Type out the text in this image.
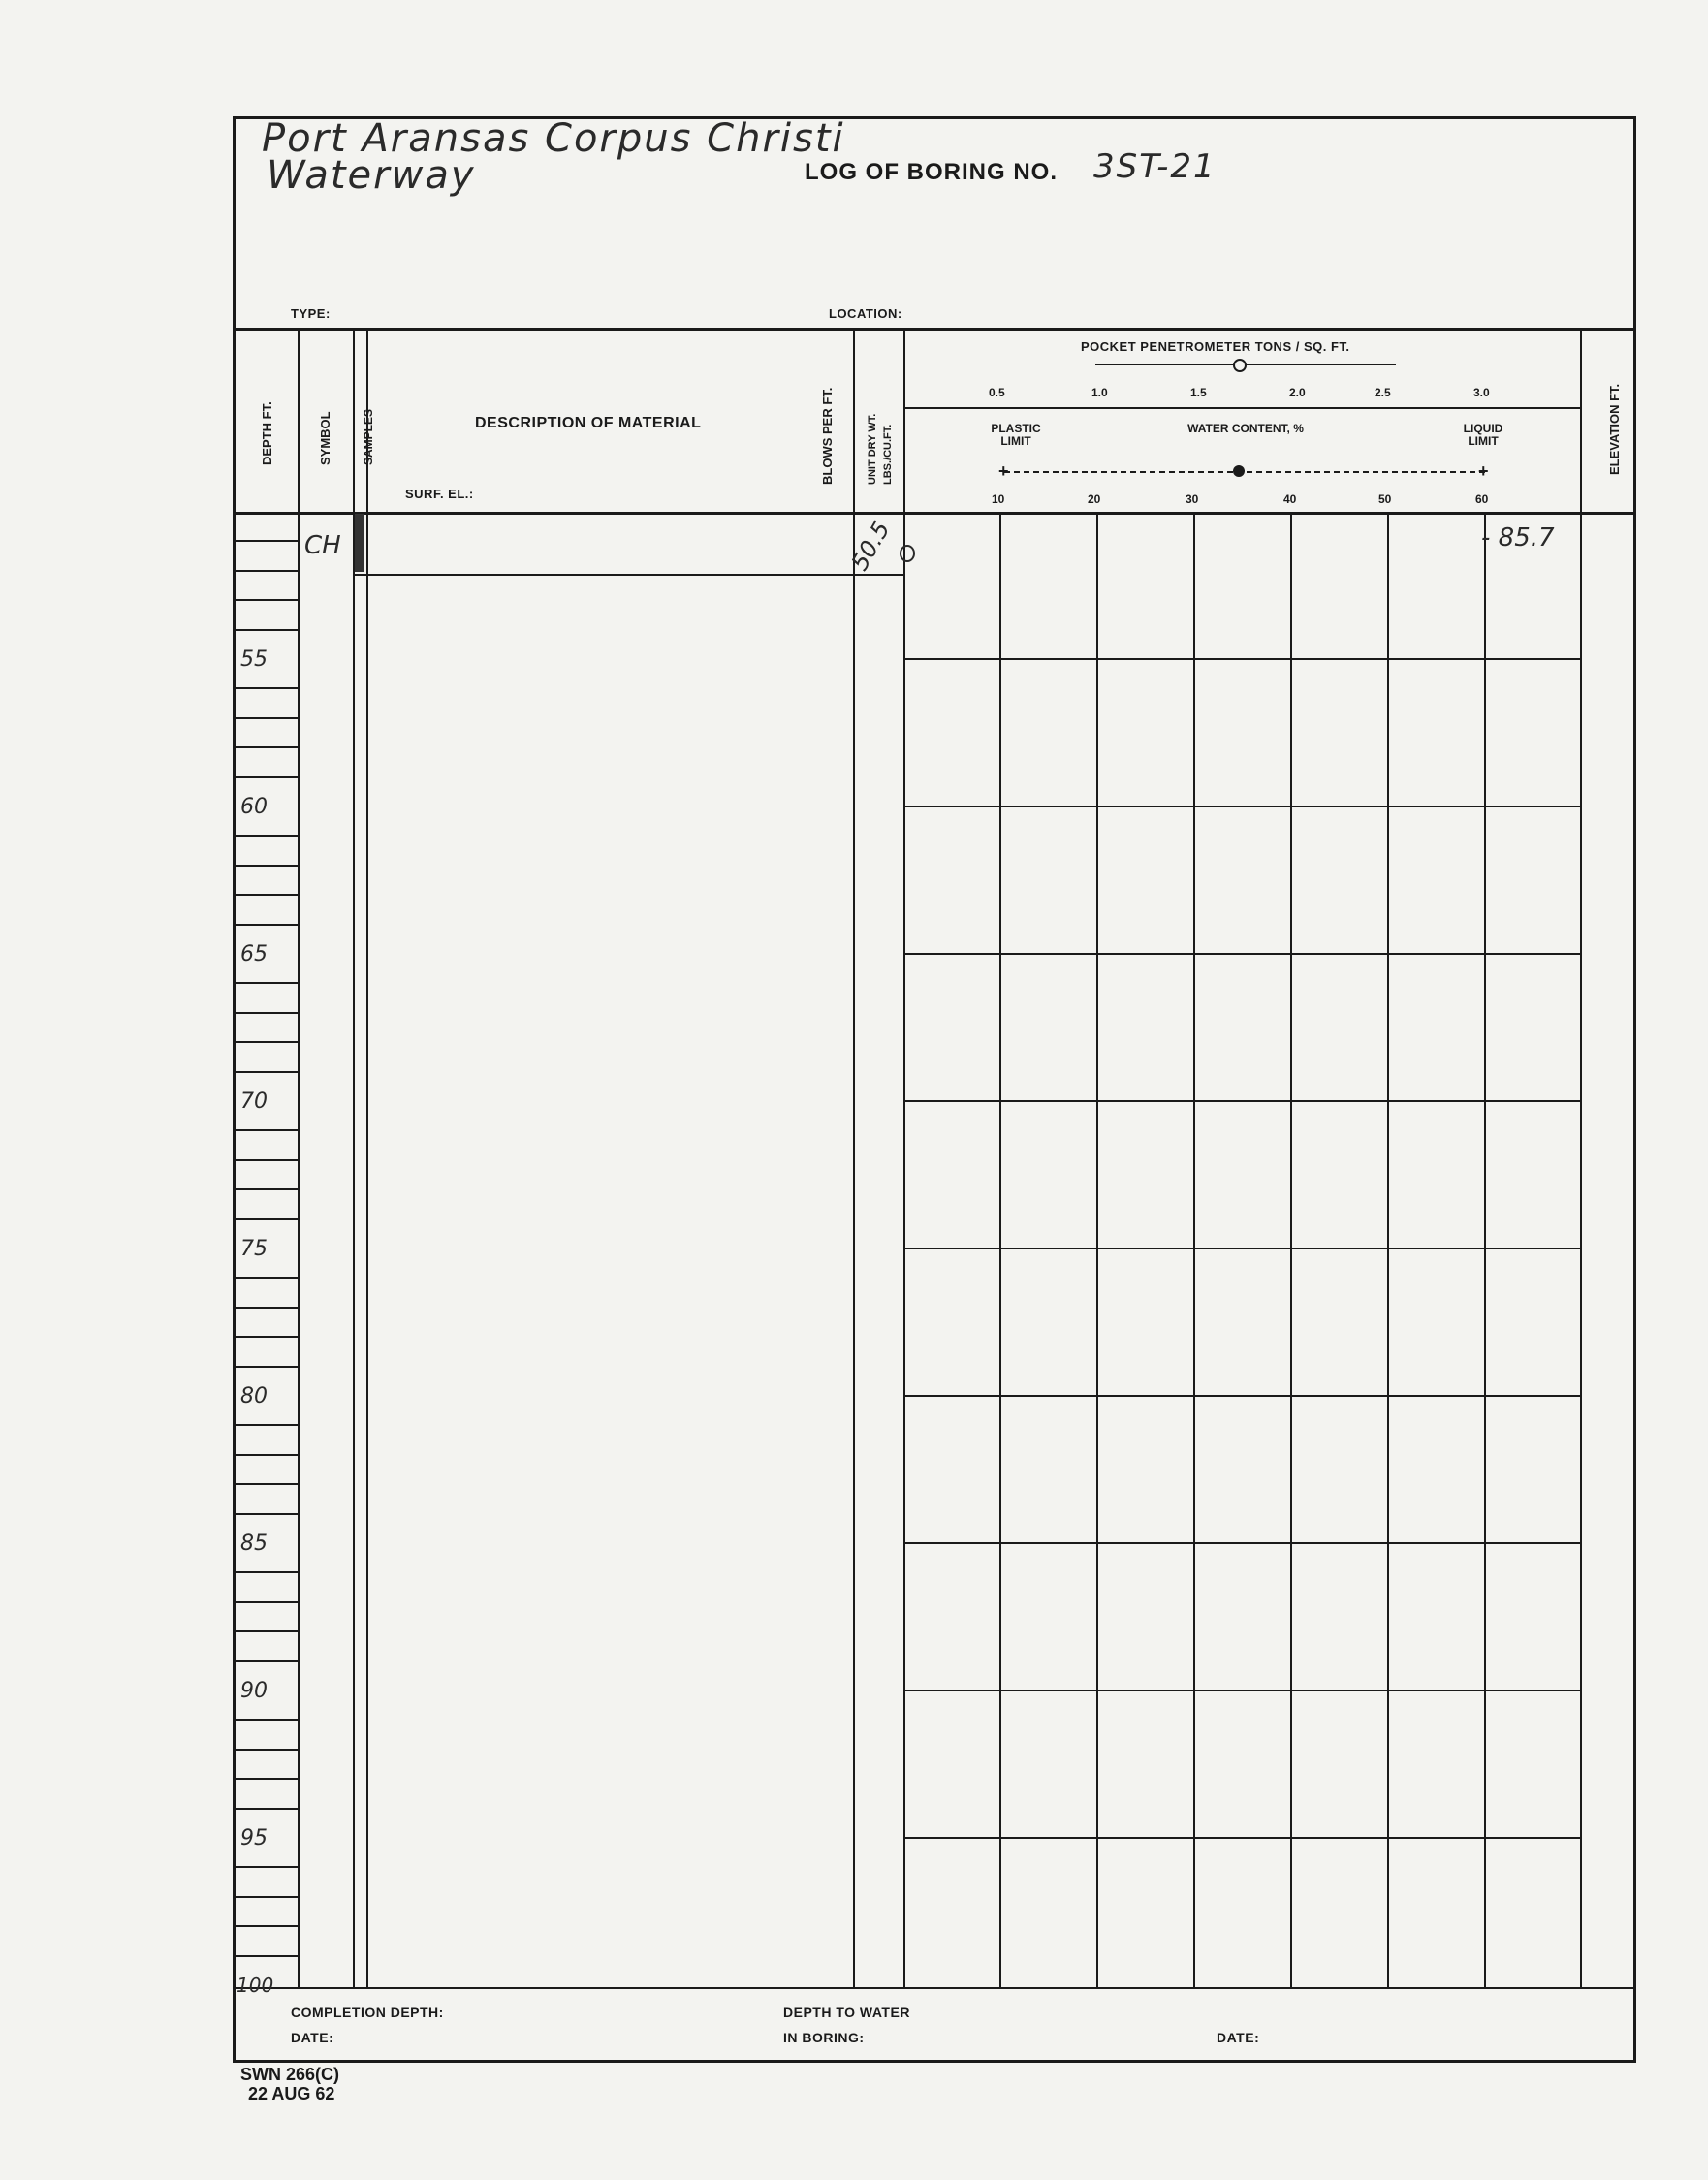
Port Aransas Corpus Christi
Waterway	LOG OF BORING NO. 3ST-21
TYPE:	LOCATION:
DEPTH FT.	SYMBOL	SAMPLES	DESCRIPTION OF MATERIAL
SURF. EL.:
BLOWS PER FT.	UNIT DRY WT. LBS./CU.FT.	ELEVATION FT.
POCKET PENETROMETER TONS / SQ. FT.
0.5	1.0	1.5	2.0	2.5	3.0
PLASTIC LIMIT
WATER CONTENT, %	LIQUID LIMIT
+	+
10	20	30	40	50	60
55
60
65
70
75
80
85
90
95
100
CH	50.5	- 85.7
COMPLETION DEPTH:
DATE:
DEPTH TO WATER
IN BORING:	DATE:
SWN 266(C)
22 AUG 62
